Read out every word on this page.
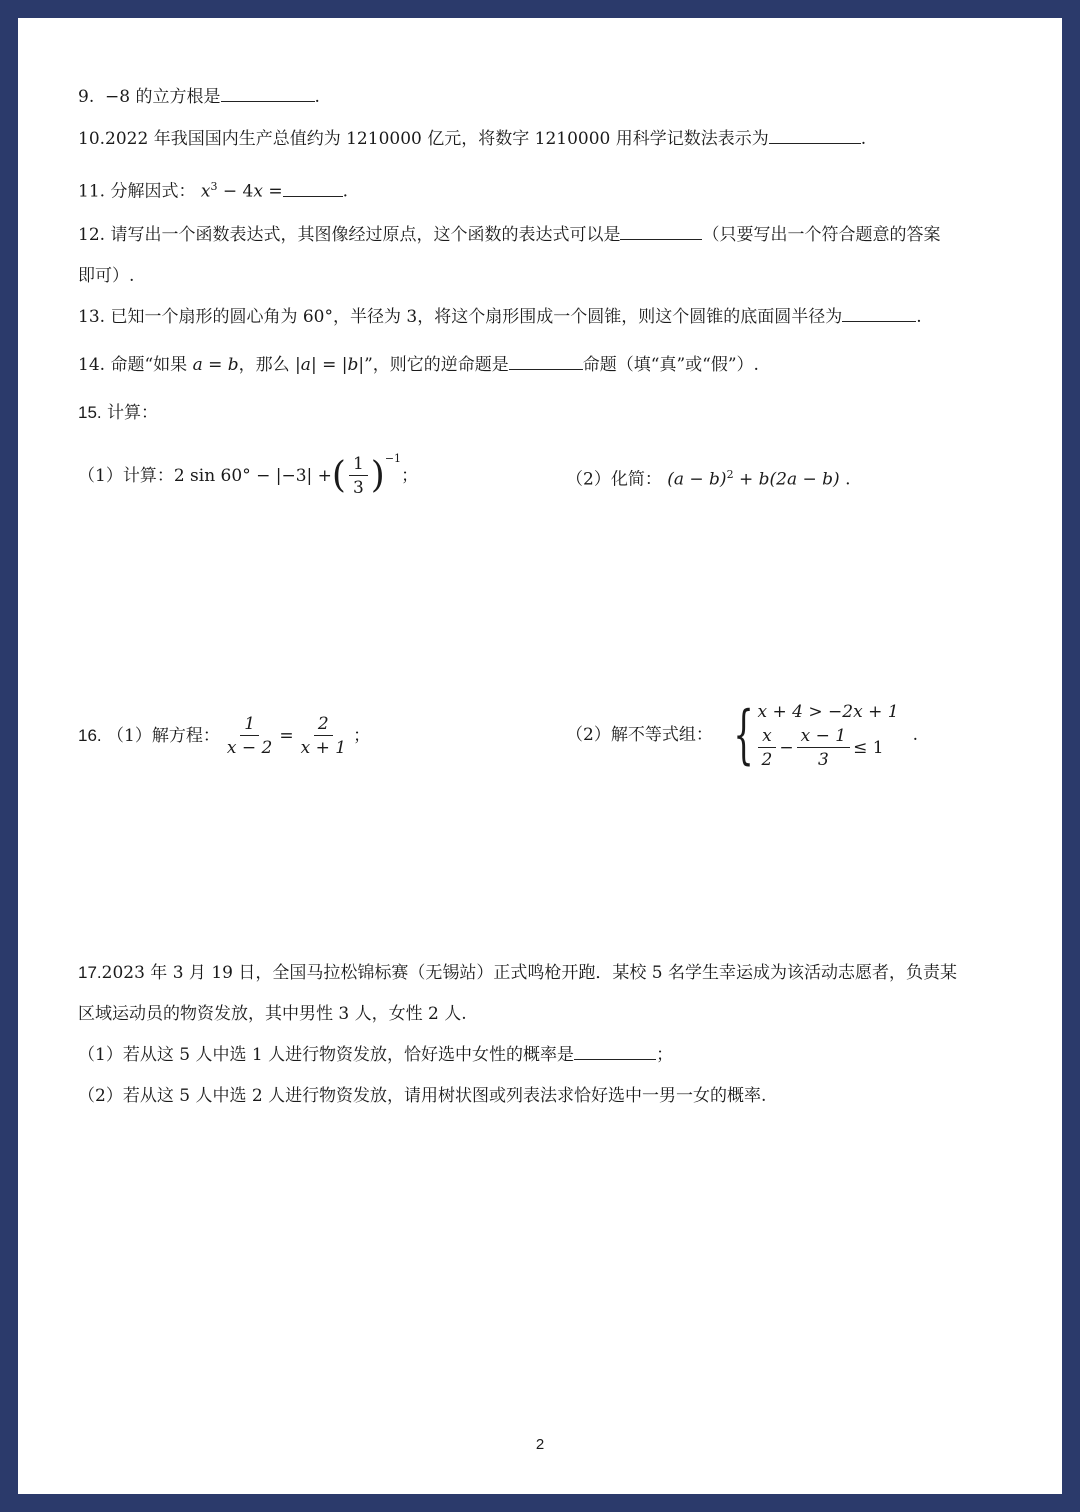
9. −8 的立方根是	.
10.2022 年我国国内生产总值约为 1210000 亿元，将数字 1210000 用科学记数法表示为	.
11. 分解因式： $x^3 - 4x$ =	.
12. 请写出一个函数表达式，其图像经过原点，这个函数的表达式可以是	（只要写出一个符合题意的答案
即可）.
13. 已知一个扇形的圆心角为 60°，半径为 3，将这个扇形围成一个圆锥，则这个圆锥的底面圆半径为	.
14. 命题“如果 a = b，那么 |a| = |b|”，则它的逆命题是	命题（填“真”或“假”）.
15. 计算：
（1）计算： 2 sin 60° − |−3| + ( $\frac{1}{3}$ ) −1
；	（2）化简： $(a - b)^2 + b(2a - b)$ .
16.
（1）解方程： $\frac{1}{x - 2} = \frac{2}{x + 1}$ ；	（2）解不等式组： { x + 4 > −2x + 1
$\frac{x}{2} - \frac{x - 1}{3} \le 1$
.
17.2023 年 3 月 19 日，全国马拉松锦标赛（无锡站）正式鸣枪开跑．某校 5 名学生幸运成为该活动志愿者，负责某
区域运动员的物资发放，其中男性 3 人，女性 2 人.
（1）若从这 5 人中选 1 人进行物资发放，恰好选中女性的概率是	；
（2）若从这 5 人中选 2 人进行物资发放，请用树状图或列表法求恰好选中一男一女的概率.
2
